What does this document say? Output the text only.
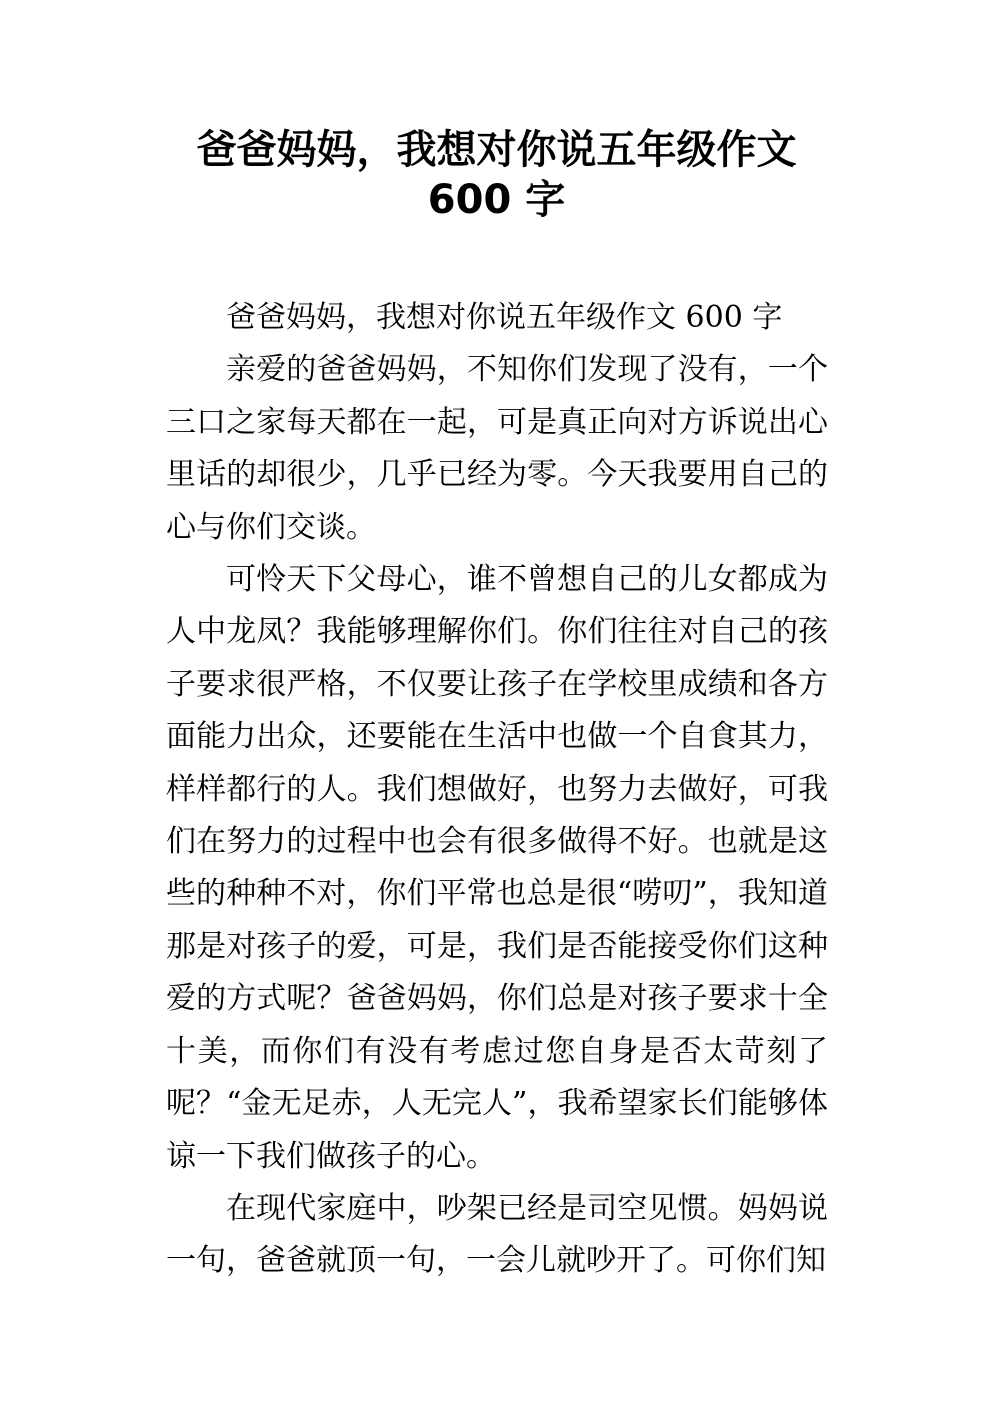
爸爸妈妈，我想对你说五年级作文
600 字

爸爸妈妈，我想对你说五年级作文 600 字

亲爱的爸爸妈妈，不知你们发现了没有，一个三口之家每天都在一起，可是真正向对方诉说出心里话的却很少，几乎已经为零。今天我要用自己的心与你们交谈。

可怜天下父母心，谁不曾想自己的儿女都成为人中龙凤？我能够理解你们。你们往往对自己的孩子要求很严格，不仅要让孩子在学校里成绩和各方面能力出众，还要能在生活中也做一个自食其力，样样都行的人。我们想做好，也努力去做好，可我们在努力的过程中也会有很多做得不好。也就是这些的种种不对，你们平常也总是很“唠叨”，我知道那是对孩子的爱，可是，我们是否能接受你们这种爱的方式呢？爸爸妈妈，你们总是对孩子要求十全十美，而你们有没有考虑过您自身是否太苛刻了呢？“金无足赤，人无完人”，我希望家长们能够体谅一下我们做孩子的心。

在现代家庭中，吵架已经是司空见惯。妈妈说一句，爸爸就顶一句，一会儿就吵开了。可你们知
